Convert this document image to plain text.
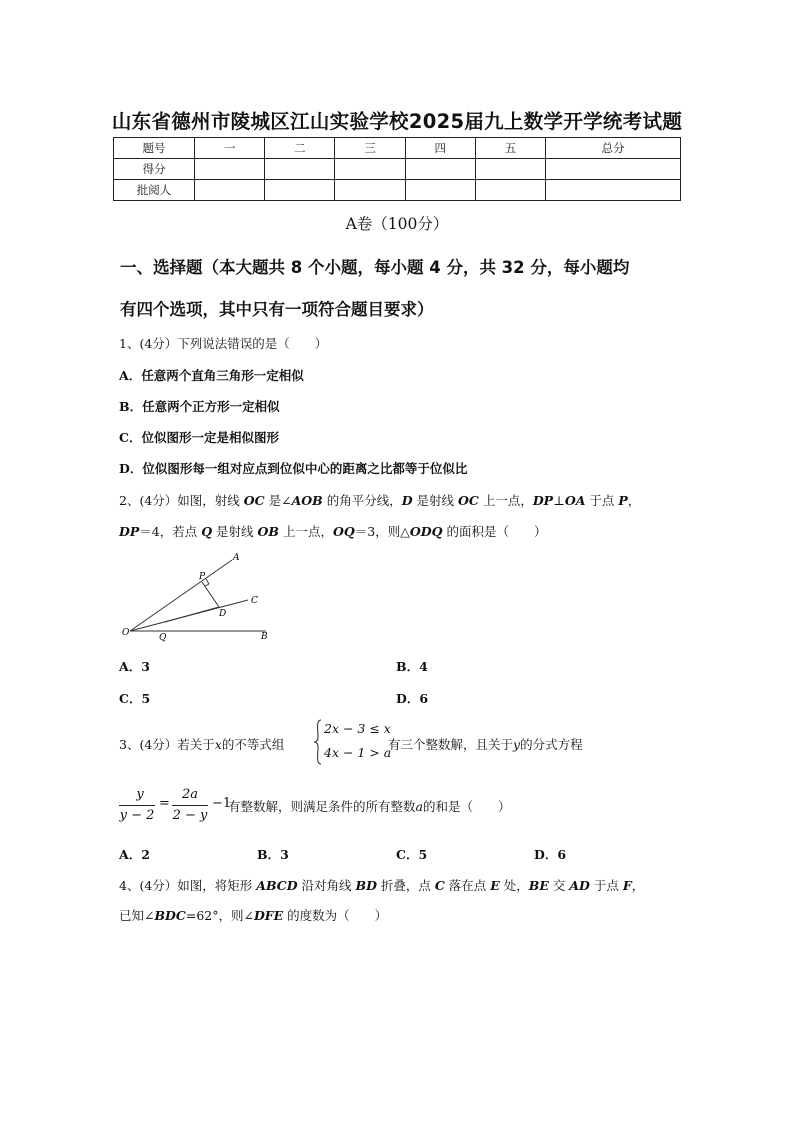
山东省德州市陵城区江山实验学校2025届九上数学开学统考试题
题号	一	二	三	四	五	总分
得分						
批阅人						
A卷（100分）
一、选择题（本大题共 8 个小题，每小题 4 分，共 32 分，每小题均
有四个选项，其中只有一项符合题目要求）
1、(4分）下列说法错误的是（　　）
A．任意两个直角三角形一定相似
B．任意两个正方形一定相似
C．位似图形一定是相似图形
D．位似图形每一组对应点到位似中心的距离之比都等于位似比
2、(4分）如图，射线 OC 是∠AOB 的角平分线，D 是射线 OC 上一点，DP⊥OA 于点 P，
DP＝4，若点 Q 是射线 OB 上一点，OQ＝3，则△ODQ 的面积是（　　）
A
P
C
D
O	Q	B
A．3	B．4
C．5	D．6
3、(4分）若关于x的不等式组
2x − 3 ≤ x
4x − 1 > a
有三个整数解，且关于y的分式方程
y
y − 2
=
2a
2 − y
−1
有整数解，则满足条件的所有整数a的和是（　　）
A．2	B．3	C．5	D．6
4、(4分）如图，将矩形 ABCD 沿对角线 BD 折叠，点 C 落在点 E 处，BE 交 AD 于点 F，
已知∠BDC=62°，则∠DFE 的度数为（　　）
